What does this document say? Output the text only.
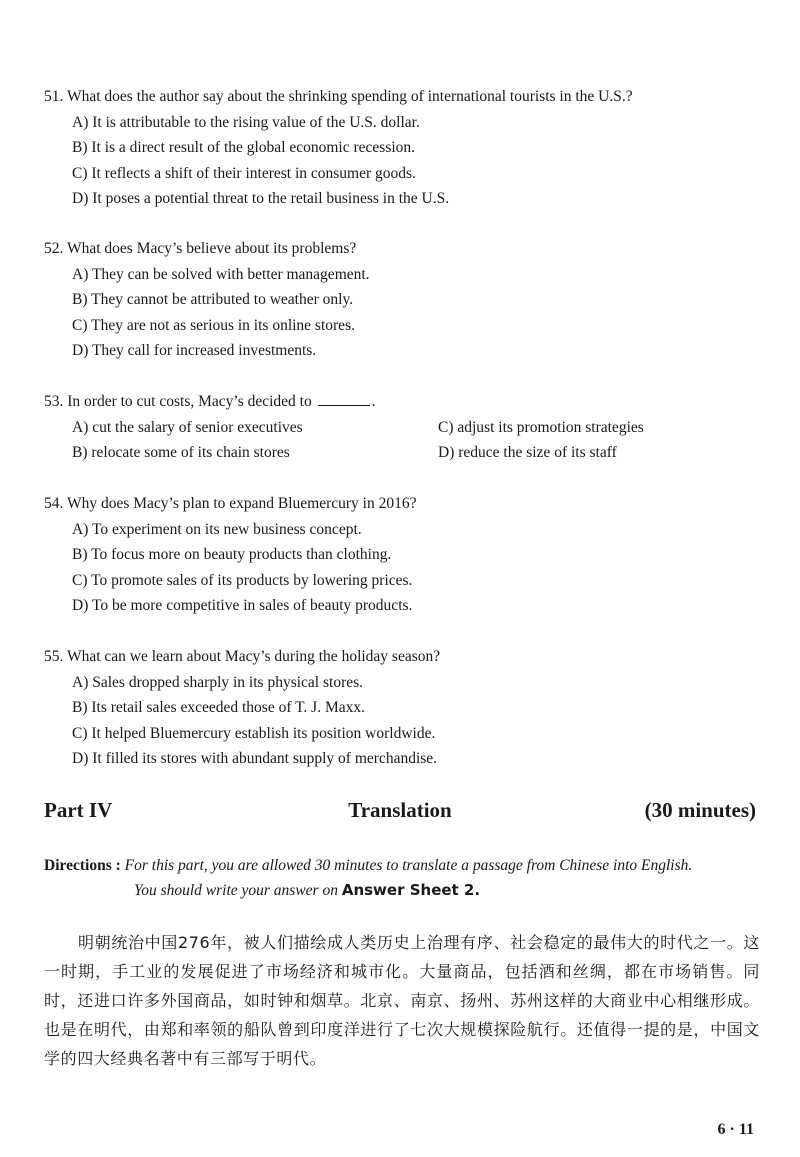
51. What does the author say about the shrinking spending of international tourists in the U.S.?
A) It is attributable to the rising value of the U.S. dollar.
B) It is a direct result of the global economic recession.
C) It reflects a shift of their interest in consumer goods.
D) It poses a potential threat to the retail business in the U.S.
52. What does Macy’s believe about its problems?
A) They can be solved with better management.
B) They cannot be attributed to weather only.
C) They are not as serious in its online stores.
D) They call for increased investments.
53. In order to cut costs, Macy’s decided to	.
A) cut the salary of senior executives	C) adjust its promotion strategies
B) relocate some of its chain stores	D) reduce the size of its staff
54. Why does Macy’s plan to expand Bluemercury in 2016?
A) To experiment on its new business concept.
B) To focus more on beauty products than clothing.
C) To promote sales of its products by lowering prices.
D) To be more competitive in sales of beauty products.
55. What can we learn about Macy’s during the holiday season?
A) Sales dropped sharply in its physical stores.
B) Its retail sales exceeded those of T. J. Maxx.
C) It helped Bluemercury establish its position worldwide.
D) It filled its stores with abundant supply of merchandise.
Part IV	Translation	(30 minutes)
Directions : For this part, you are allowed 30 minutes to translate a passage from Chinese into English.
You should write your answer on Answer Sheet 2.
明朝统治中国276年，被人们描绘成人类历史上治理有序、社会稳定的最伟大的时代之一。这一时期，手工业的发展促进了市场经济和城市化。大量商品，包括酒和丝绸，都在市场销售。同时，还进口许多外国商品，如时钟和烟草。北京、南京、扬州、苏州这样的大商业中心相继形成。也是在明代，由郑和率领的船队曾到印度洋进行了七次大规模探险航行。还值得一提的是，中国文学的四大经典名著中有三部写于明代。
6 · 11
